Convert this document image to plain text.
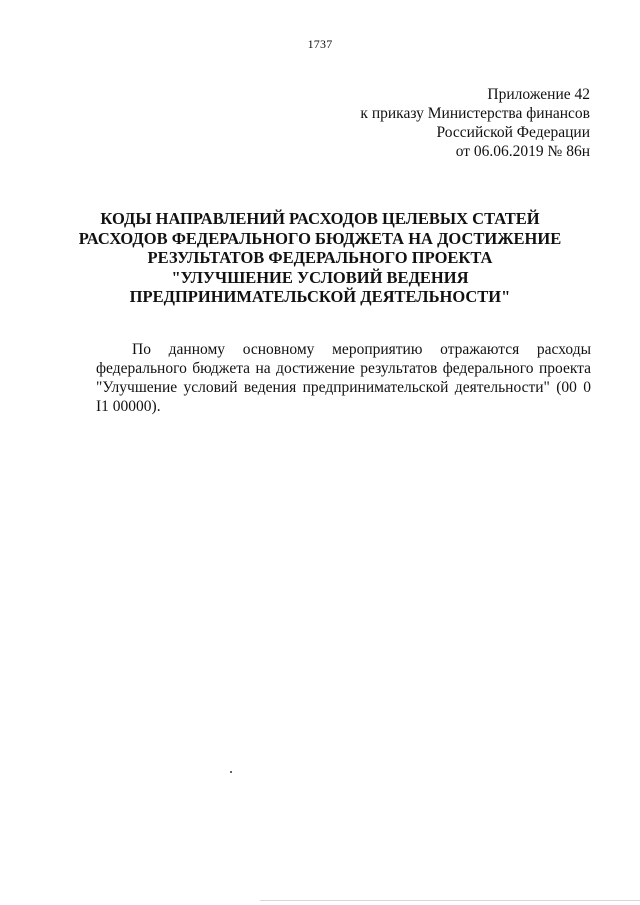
1737
Приложение 42
к приказу Министерства финансов
Российской Федерации
от 06.06.2019 № 86н
КОДЫ НАПРАВЛЕНИЙ РАСХОДОВ ЦЕЛЕВЫХ СТАТЕЙ
РАСХОДОВ ФЕДЕРАЛЬНОГО БЮДЖЕТА НА ДОСТИЖЕНИЕ
РЕЗУЛЬТАТОВ ФЕДЕРАЛЬНОГО ПРОЕКТА
"УЛУЧШЕНИЕ УСЛОВИЙ ВЕДЕНИЯ
ПРЕДПРИНИМАТЕЛЬСКОЙ ДЕЯТЕЛЬНОСТИ"

По данному основному мероприятию отражаются расходы федерального бюджета на достижение результатов федерального проекта "Улучшение условий ведения предпринимательской деятельности" (00 0 I1 00000).
